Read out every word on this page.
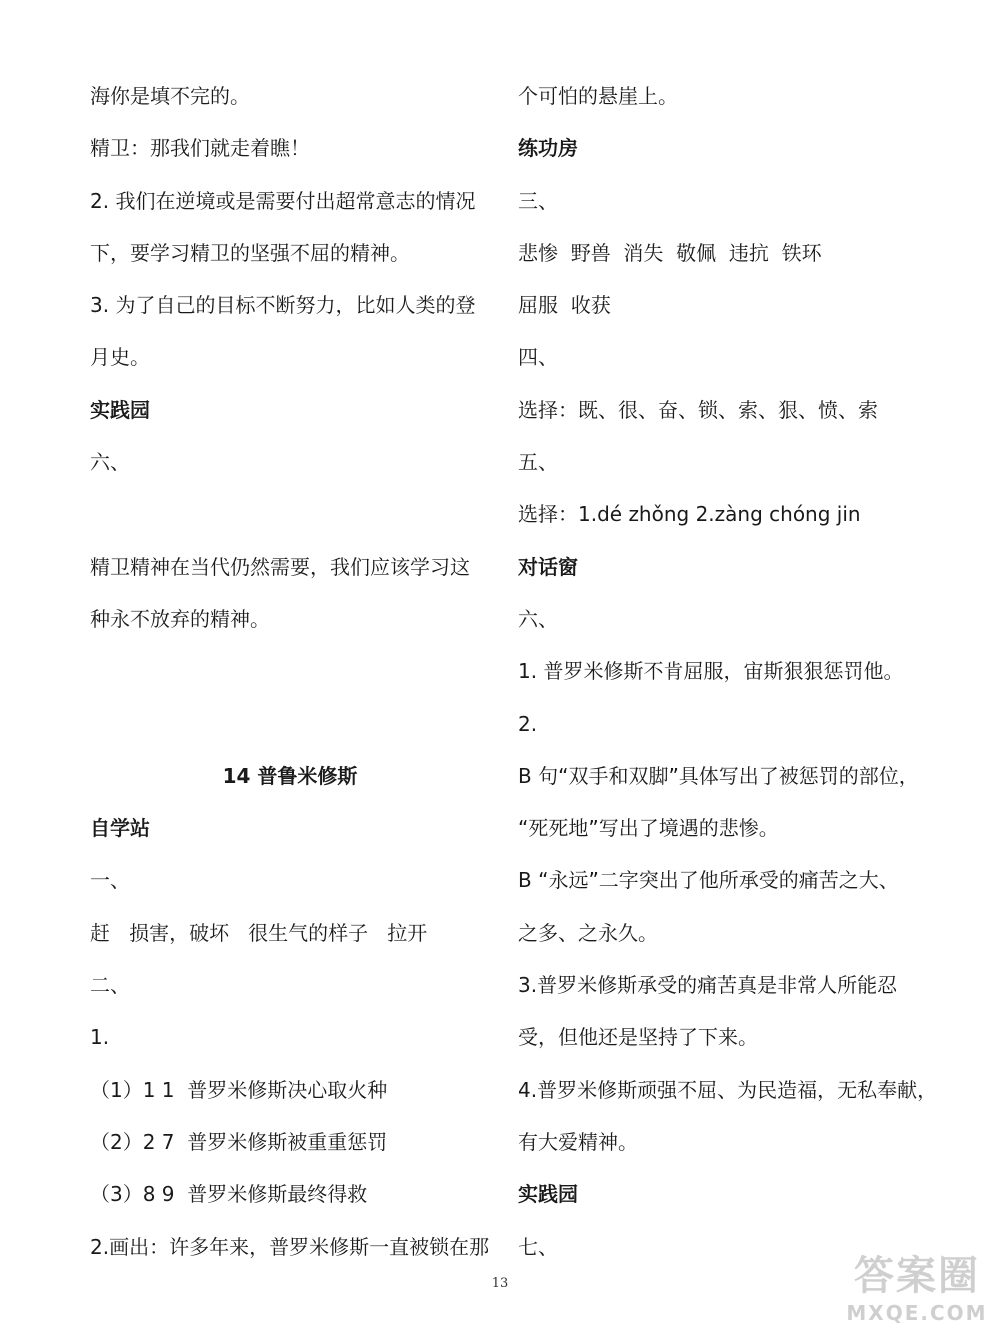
海你是填不完的。
精卫：那我们就走着瞧！
2. 我们在逆境或是需要付出超常意志的情况
下，要学习精卫的坚强不屈的精神。
3. 为了自己的目标不断努力，比如人类的登
月史。
实践园
六、
精卫精神在当代仍然需要，我们应该学习这
种永不放弃的精神。
14 普鲁米修斯
自学站
一、
赶   损害，破坏   很生气的样子   拉开
二、
1.
（1）1 1  普罗米修斯决心取火种
（2）2 7  普罗米修斯被重重惩罚
（3）8 9  普罗米修斯最终得救
2.画出：许多年来，普罗米修斯一直被锁在那
个可怕的悬崖上。
练功房
三、
悲惨  野兽  消失  敬佩  违抗  铁环
屈服  收获
四、
选择：既、很、奋、锁、索、狠、愤、索
五、
选择：1.dé zhǒng 2.zàng chóng jin
对话窗
六、
1. 普罗米修斯不肯屈服，宙斯狠狠惩罚他。
2.
B 句“双手和双脚”具体写出了被惩罚的部位，
“死死地”写出了境遇的悲惨。
B “永远”二字突出了他所承受的痛苦之大、
之多、之永久。
3.普罗米修斯承受的痛苦真是非常人所能忍
受，但他还是坚持了下来。
4.普罗米修斯顽强不屈、为民造福，无私奉献，
有大爱精神。
实践园
七、
13	答案圈
MXQE.COM
